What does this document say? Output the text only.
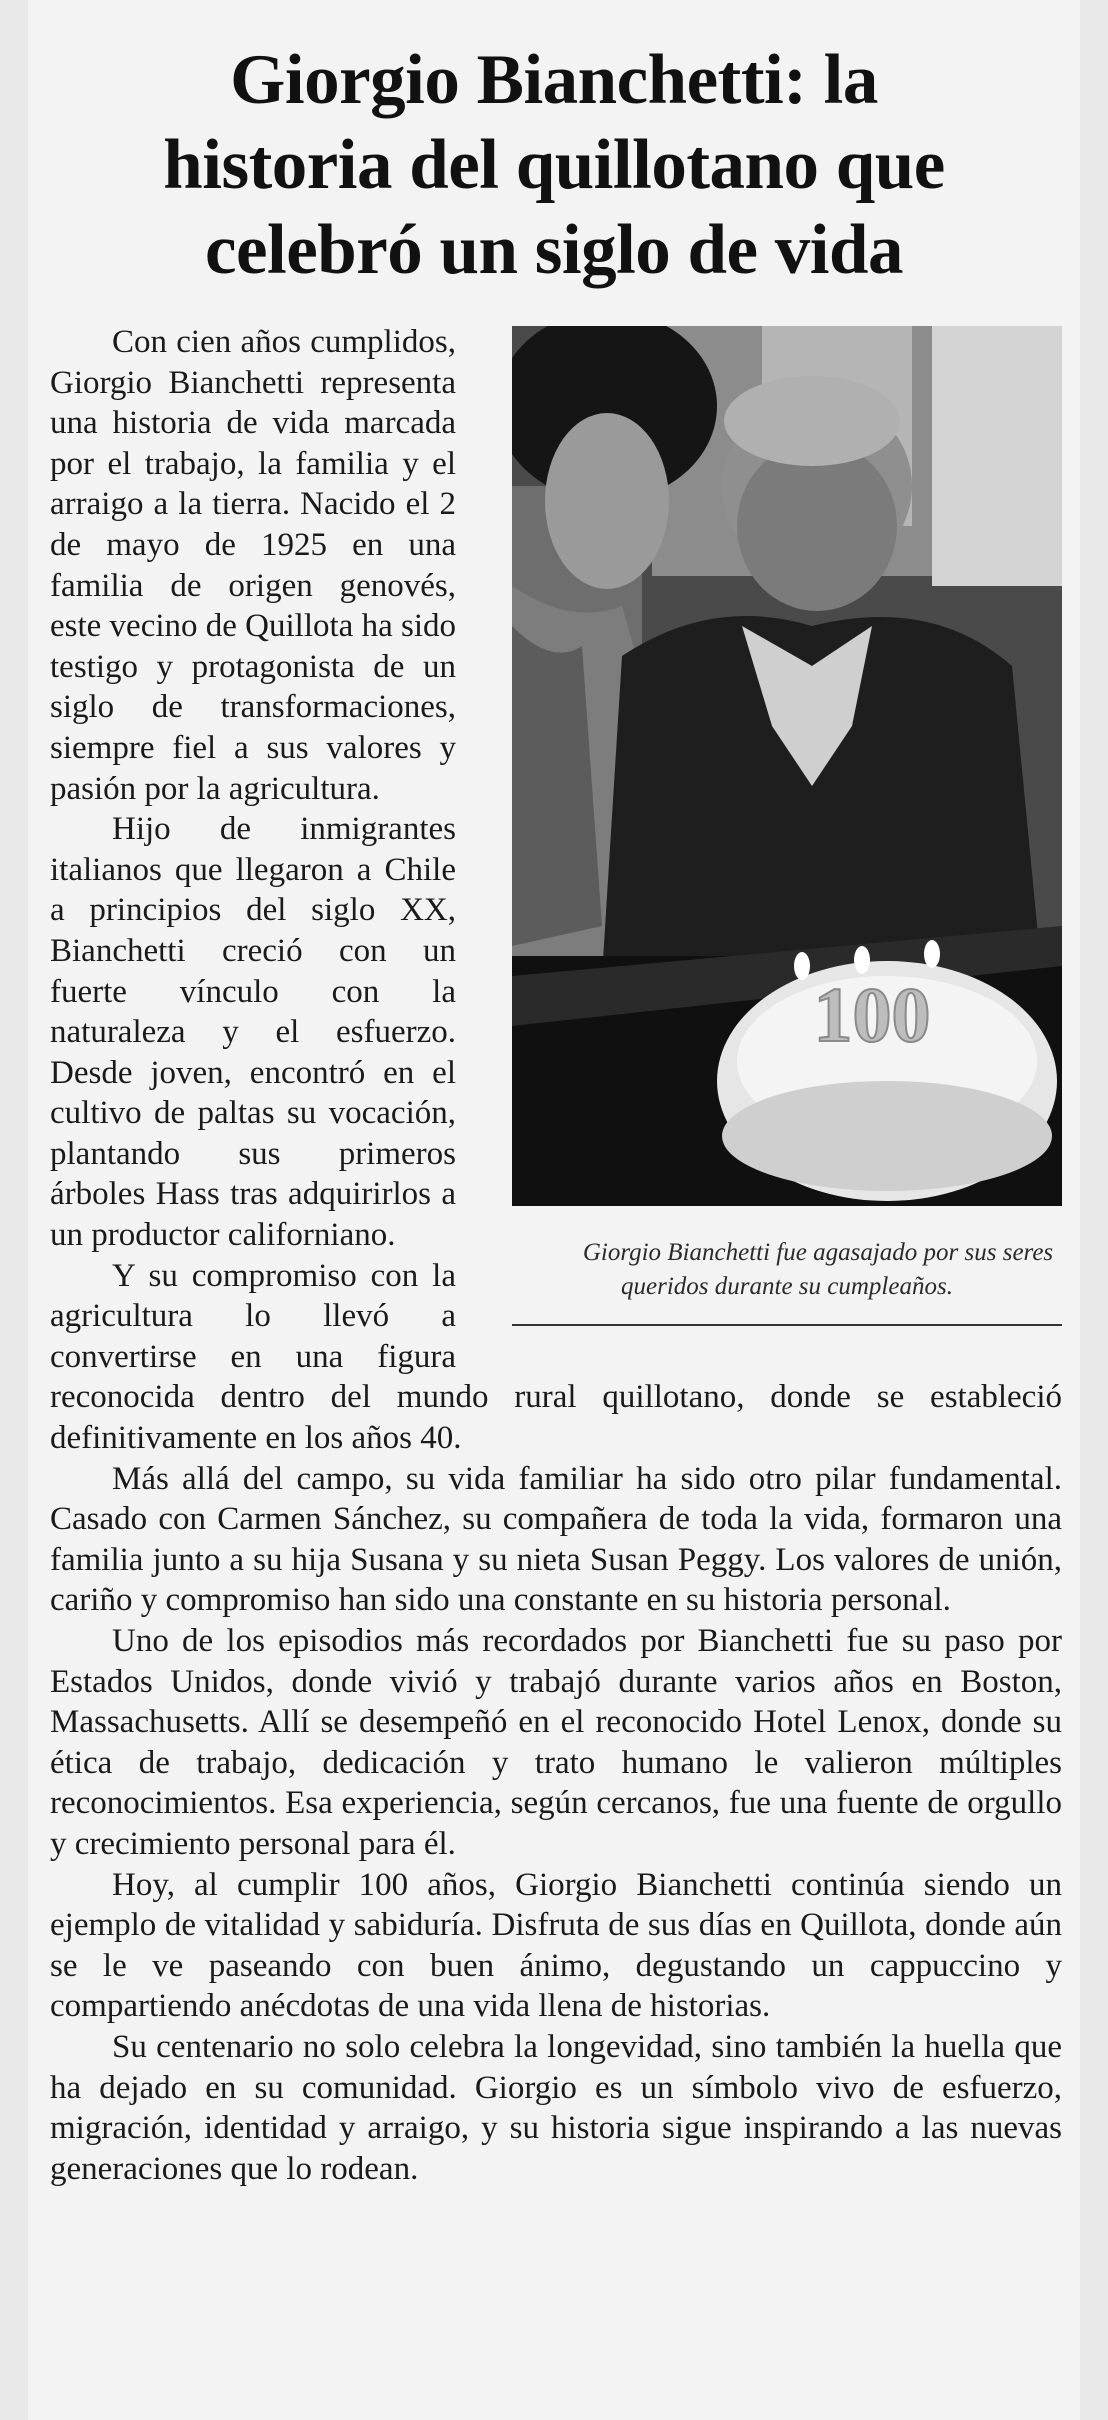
Giorgio Bianchetti: la
historia del quillotano que
celebró un siglo de vida
100

Giorgio Bianchetti fue agasajado por sus seres queridos durante su cumpleaños.

Con cien años cumplidos, Giorgio Bianchetti representa una historia de vida marcada por el trabajo, la familia y el arraigo a la tierra. Nacido el 2 de mayo de 1925 en una familia de origen genovés, este vecino de Quillota ha sido testigo y protagonista de un siglo de transformaciones, siempre fiel a sus valores y pasión por la agricultura.

Hijo de inmigrantes italianos que llegaron a Chile a principios del siglo XX, Bianchetti creció con un fuerte vínculo con la naturaleza y el esfuerzo. Desde joven, encontró en el cultivo de paltas su vocación, plantando sus primeros árboles Hass tras adquirirlos a un productor californiano.

Y su compromiso con la agricultura lo llevó a convertirse en una figura reconocida dentro del mundo rural quillotano, donde se estableció definitivamente en los años 40.

Más allá del campo, su vida familiar ha sido otro pilar fundamental. Casado con Carmen Sánchez, su compañera de toda la vida, formaron una familia junto a su hija Susana y su nieta Susan Peggy. Los valores de unión, cariño y compromiso han sido una constante en su historia personal.

Uno de los episodios más recordados por Bianchetti fue su paso por Estados Unidos, donde vivió y trabajó durante varios años en Boston, Massachusetts. Allí se desempeñó en el reconocido Hotel Lenox, donde su ética de trabajo, dedicación y trato humano le valieron múltiples reconocimientos. Esa experiencia, según cercanos, fue una fuente de orgullo y crecimiento personal para él.

Hoy, al cumplir 100 años, Giorgio Bianchetti continúa siendo un ejemplo de vitalidad y sabiduría. Disfruta de sus días en Quillota, donde aún se le ve paseando con buen ánimo, degustando un cappuccino y compartiendo anécdotas de una vida llena de historias.

Su centenario no solo celebra la longevidad, sino también la huella que ha dejado en su comunidad. Giorgio es un símbolo vivo de esfuerzo, migración, identidad y arraigo, y su historia sigue inspirando a las nuevas generaciones que lo rodean.
